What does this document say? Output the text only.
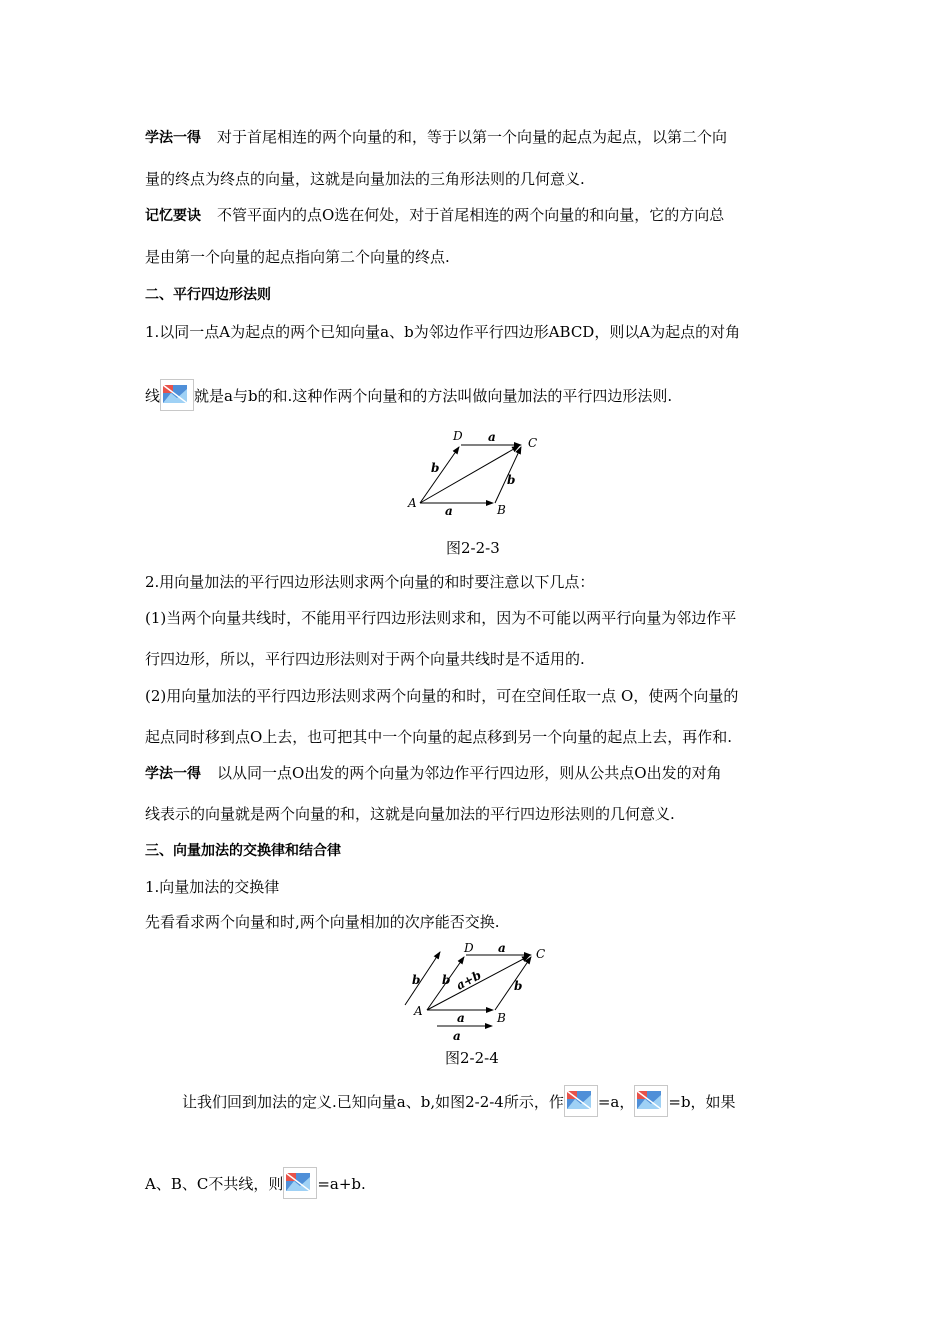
学法一得 对于首尾相连的两个向量的和，等于以第一个向量的起点为起点，以第二个向
量的终点为终点的向量，这就是向量加法的三角形法则的几何意义.
记忆要诀 不管平面内的点O选在何处，对于首尾相连的两个向量的和向量，它的方向总
是由第一个向量的起点指向第二个向量的终点.
二、平行四边形法则
1.以同一点A为起点的两个已知向量a、b为邻边作平行四边形ABCD，则以A为起点的对角
线 就是a与b的和.这种作两个向量和的方法叫做向量加法的平行四边形法则.
A	B
C
D a
a
b
b
图2-2-3
2.用向量加法的平行四边形法则求两个向量的和时要注意以下几点：
(1)当两个向量共线时，不能用平行四边形法则求和，因为不可能以两平行向量为邻边作平
行四边形，所以，平行四边形法则对于两个向量共线时是不适用的.
(2)用向量加法的平行四边形法则求两个向量的和时，可在空间任取一点 O，使两个向量的
起点同时移到点O上去，也可把其中一个向量的起点移到另一个向量的起点上去，再作和.
学法一得 以从同一点O出发的两个向量为邻边作平行四边形，则从公共点O出发的对角
线表示的向量就是两个向量的和，这就是向量加法的平行四边形法则的几何意义.
三、向量加法的交换律和结合律
1.向量加法的交换律
先看看求两个向量和时,两个向量相加的次序能否交换.
A	B
C
D a
a
a
b b	b
a+b
图2-2-4
让我们回到加法的定义.已知向量a、b,如图2-2-4所示，作 =a， =b，如果
A、B、C不共线，则 =a+b.
